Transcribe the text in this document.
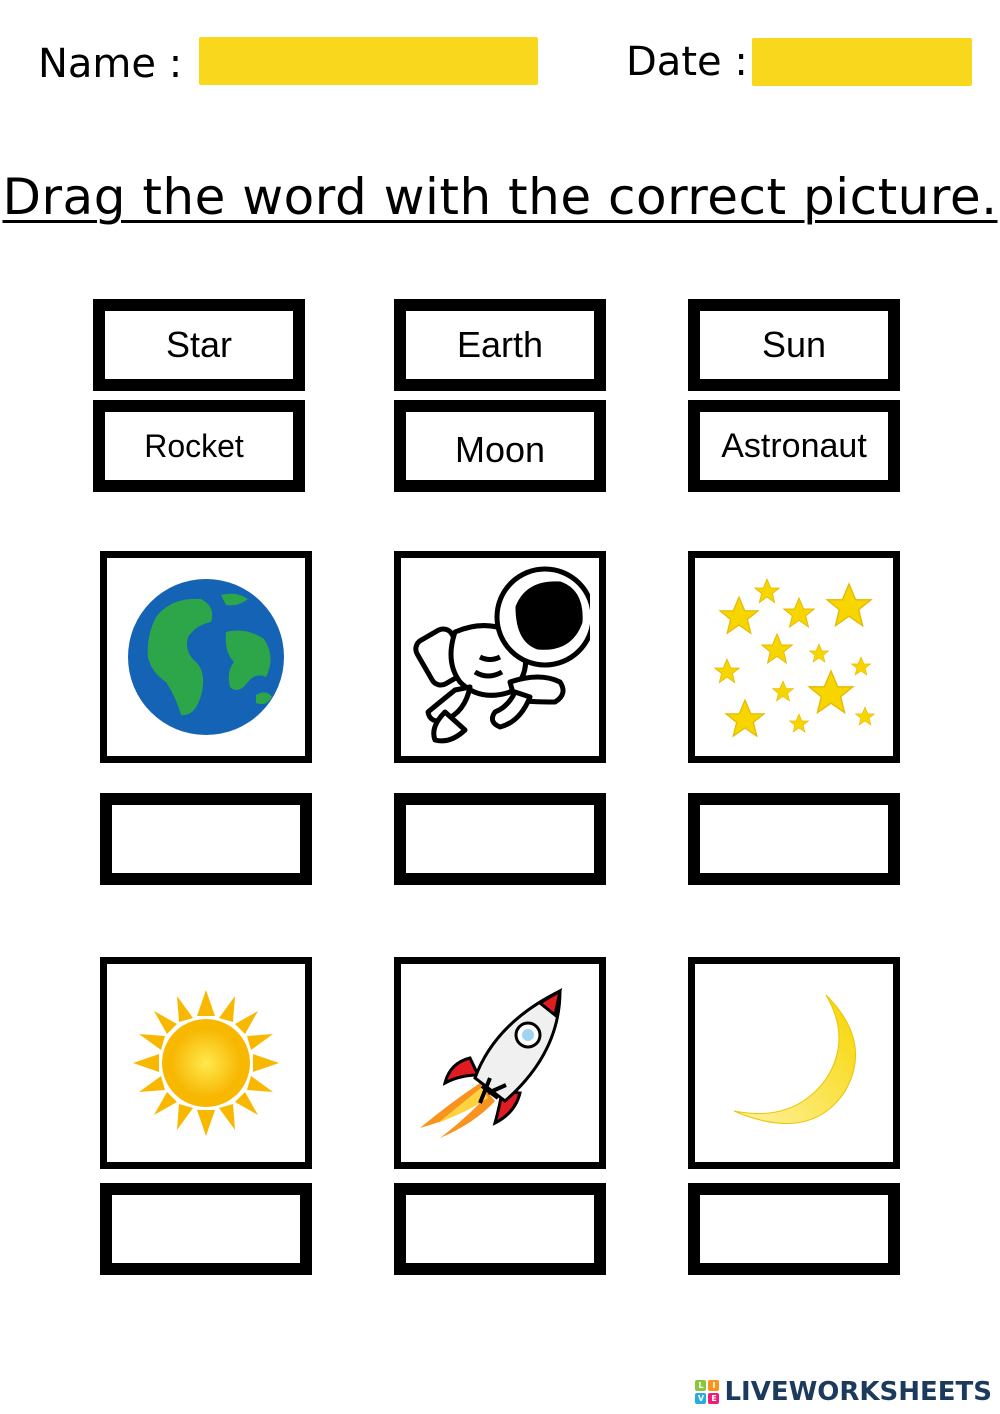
Name :	Date :
Drag the word with the correct picture.
Star	Earth	Sun
Rocket	Moon	Astronaut
L	I
V E LIVEWORKSHEETS
